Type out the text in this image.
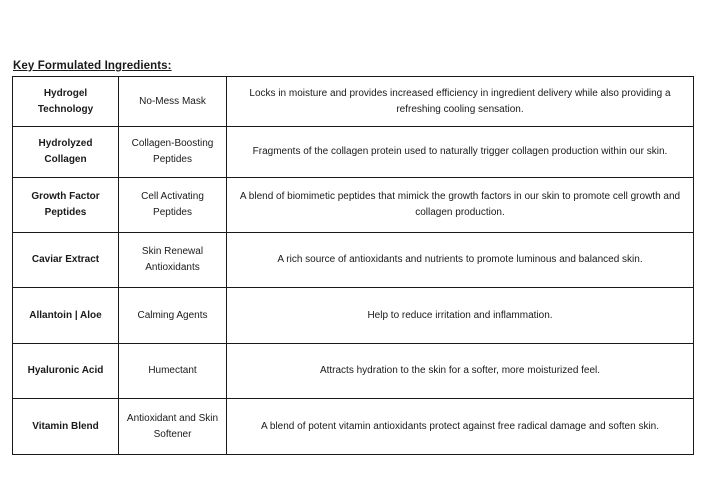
Key Formulated Ingredients:
Hydrogel Technology	No-Mess Mask	Locks in moisture and provides increased efficiency in ingredient delivery while also providing a refreshing cooling sensation.
Hydrolyzed Collagen	Collagen-Boosting Peptides	Fragments of the collagen protein used to naturally trigger collagen production within our skin.
Growth Factor Peptides	Cell Activating Peptides	A blend of biomimetic peptides that mimick the growth factors in our skin to promote cell growth and collagen production.
Caviar Extract	Skin Renewal Antioxidants	A rich source of antioxidants and nutrients to promote luminous and balanced skin.
Allantoin | Aloe	Calming Agents	Help to reduce irritation and inflammation.
Hyaluronic Acid	Humectant	Attracts hydration to the skin for a softer, more moisturized feel.
Vitamin Blend	Antioxidant and Skin Softener	A blend of potent vitamin antioxidants protect against free radical damage and soften skin.
